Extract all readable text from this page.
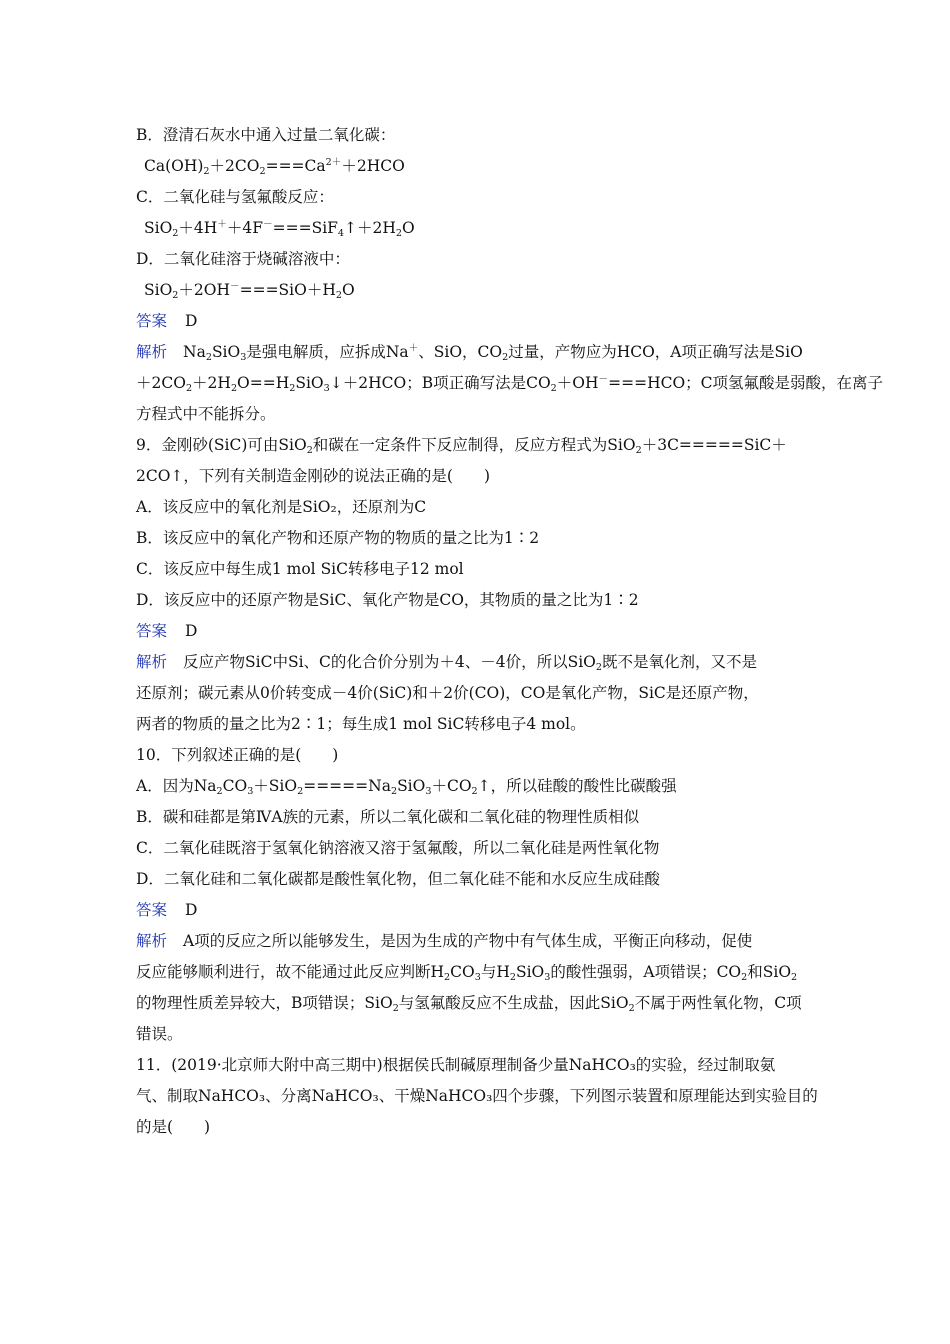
B．澄清石灰水中通入过量二氧化碳：
$Ca(OH)_2+2CO_2===Ca^{2+}+2HCO$
C．二氧化硅与氢氟酸反应：
$SiO_2+4H^++4F^-===SiF_4↑+2H_2O$
D．二氧化硅溶于烧碱溶液中：
$SiO_2+2OH^-===SiO+H_2O$
答案 D
解析 $Na_2SiO_3$是强电解质，应拆成Na＋、SiO，$CO_2$过量，产物应为HCO，A项正确写法是SiO
$+2CO_2+2H_2O==H_2SiO_3↓+2HCO$；B项正确写法是$CO_2+OH^-===HCO$；C项氢氟酸是弱酸，在离子
方程式中不能拆分。
9．金刚砂(SiC)可由SiO$_2$和碳在一定条件下反应制得，反应方程式为SiO$_2$＋3C=====SiC＋
2CO↑，下列有关制造金刚砂的说法正确的是(　　)
A．该反应中的氧化剂是SiO₂，还原剂为C
B．该反应中的氧化产物和还原产物的物质的量之比为1∶2
C．该反应中每生成1 mol SiC转移电子12 mol
D．该反应中的还原产物是SiC、氧化产物是CO，其物质的量之比为1∶2
答案 D
解析 反应产物SiC中Si、C的化合价分别为＋4、－4价，所以SiO$_2$既不是氧化剂，又不是
还原剂；碳元素从0价转变成－4价(SiC)和＋2价(CO)，CO是氧化产物，SiC是还原产物，
两者的物质的量之比为2∶1；每生成1 mol SiC转移电子4 mol。
10．下列叙述正确的是(　　)
A．因为$Na_2CO_3+SiO_2=====Na_2SiO_3+CO_2↑$，所以硅酸的酸性比碳酸强
B．碳和硅都是第ⅣA族的元素，所以二氧化碳和二氧化硅的物理性质相似
C．二氧化硅既溶于氢氧化钠溶液又溶于氢氟酸，所以二氧化硅是两性氧化物
D．二氧化硅和二氧化碳都是酸性氧化物，但二氧化硅不能和水反应生成硅酸
答案 D
解析 A项的反应之所以能够发生，是因为生成的产物中有气体生成，平衡正向移动，促使
反应能够顺利进行，故不能通过此反应判断$H_2CO_3$与$H_2SiO_3$的酸性强弱，A项错误；$CO_2$和SiO$_2$
的物理性质差异较大，B项错误；SiO$_2$与氢氟酸反应不生成盐，因此SiO$_2$不属于两性氧化物，C项
错误。
11．(2019·北京师大附中高三期中)根据侯氏制碱原理制备少量NaHCO₃的实验，经过制取氨
气、制取NaHCO₃、分离NaHCO₃、干燥NaHCO₃四个步骤，下列图示装置和原理能达到实验目的
的是(　　)
